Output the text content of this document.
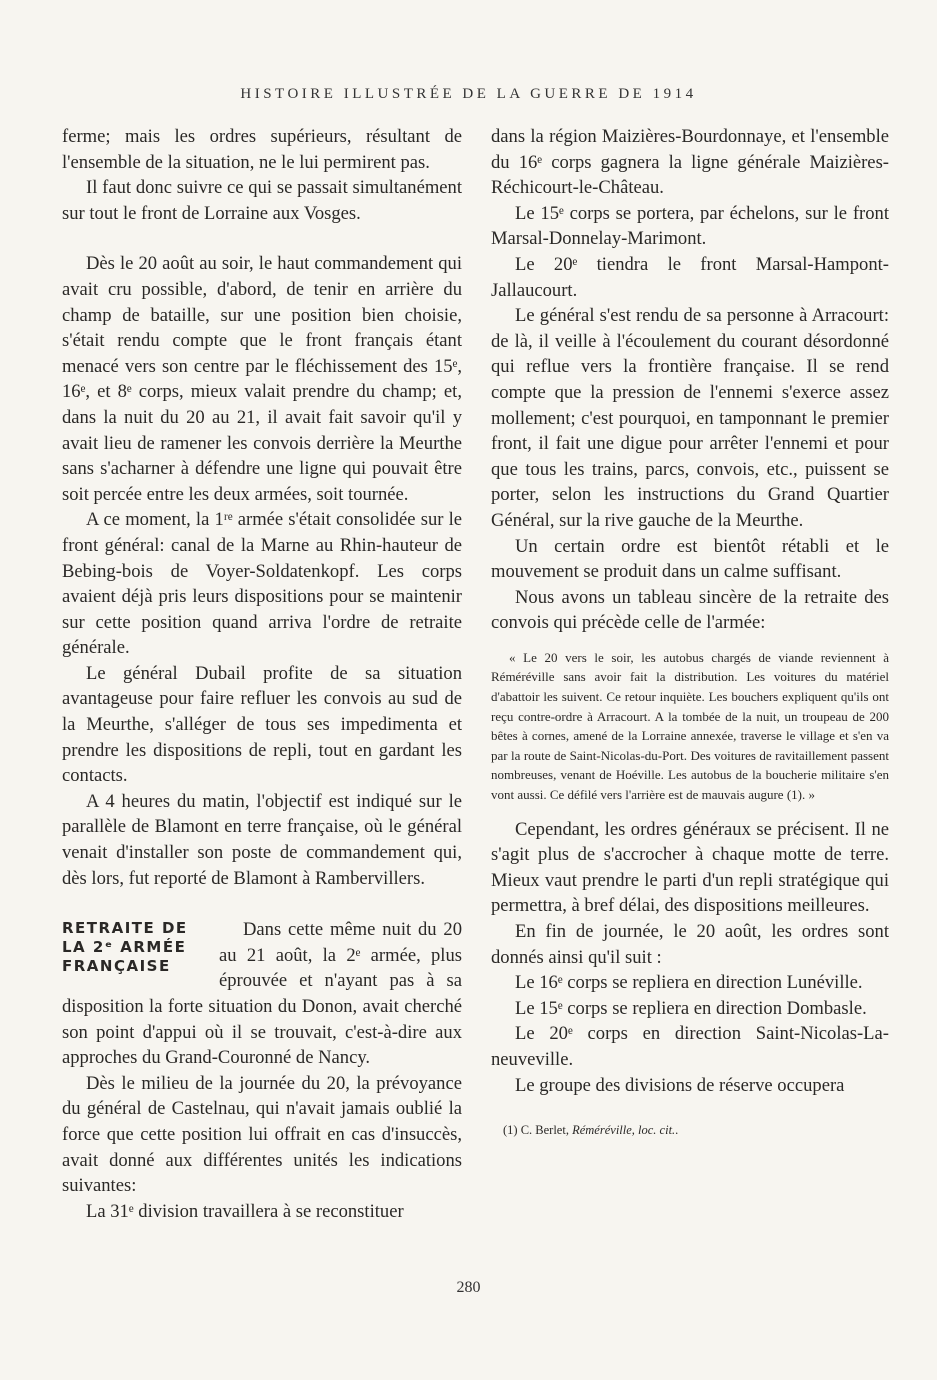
HISTOIRE ILLUSTRÉE DE LA GUERRE DE 1914

ferme; mais les ordres supérieurs, résultant de l'ensemble de la situation, ne le lui permirent pas.

Il faut donc suivre ce qui se passait simultanément sur tout le front de Lorraine aux Vosges.

Dès le 20 août au soir, le haut commandement qui avait cru possible, d'abord, de tenir en arrière du champ de bataille, sur une position bien choisie, s'était rendu compte que le front français étant menacé vers son centre par le fléchissement des 15ᵉ, 16ᵉ, et 8ᵉ corps, mieux valait prendre du champ; et, dans la nuit du 20 au 21, il avait fait savoir qu'il y avait lieu de ramener les convois derrière la Meurthe sans s'acharner à défendre une ligne qui pouvait être soit percée entre les deux armées, soit tournée.

A ce moment, la 1ʳᵉ armée s'était consolidée sur le front général: canal de la Marne au Rhin-hauteur de Bebing-bois de Voyer-Soldatenkopf. Les corps avaient déjà pris leurs dispositions pour se maintenir sur cette position quand arriva l'ordre de retraite générale.

Le général Dubail profite de sa situation avantageuse pour faire refluer les convois au sud de la Meurthe, s'alléger de tous ses impedimenta et prendre les dispositions de repli, tout en gardant les contacts.

A 4 heures du matin, l'objectif est indiqué sur le parallèle de Blamont en terre française, où le général venait d'installer son poste de commandement qui, dès lors, fut reporté de Blamont à Rambervillers.

RETRAITE DE
LA 2ᵉ ARMÉE
FRANÇAISE

Dans cette même nuit du 20 au 21 août, la 2ᵉ armée, plus éprouvée et n'ayant pas à sa disposition la forte situation du Donon, avait cherché son point d'appui où il se trouvait, c'est-à-dire aux approches du Grand-Couronné de Nancy.

Dès le milieu de la journée du 20, la prévoyance du général de Castelnau, qui n'avait jamais oublié la force que cette position lui offrait en cas d'insuccès, avait donné aux différentes unités les indications suivantes:

La 31ᵉ division travaillera à se reconstituer

dans la région Maizières-Bourdonnaye, et l'ensemble du 16ᵉ corps gagnera la ligne générale Maizières-Réchicourt-le-Château.

Le 15ᵉ corps se portera, par échelons, sur le front Marsal-Donnelay-Marimont.

Le 20ᵉ tiendra le front Marsal-Hampont-Jallaucourt.

Le général s'est rendu de sa personne à Arracourt: de là, il veille à l'écoulement du courant désordonné qui reflue vers la frontière française. Il se rend compte que la pression de l'ennemi s'exerce assez mollement; c'est pourquoi, en tamponnant le premier front, il fait une digue pour arrêter l'ennemi et pour que tous les trains, parcs, convois, etc., puissent se porter, selon les instructions du Grand Quartier Général, sur la rive gauche de la Meurthe.

Un certain ordre est bientôt rétabli et le mouvement se produit dans un calme suffisant.

Nous avons un tableau sincère de la retraite des convois qui précède celle de l'armée:

« Le 20 vers le soir, les autobus chargés de viande reviennent à Réméréville sans avoir fait la distribution. Les voitures du matériel d'abattoir les suivent. Ce retour inquiète. Les bouchers expliquent qu'ils ont reçu contre-ordre à Arracourt. A la tombée de la nuit, un troupeau de 200 bêtes à cornes, amené de la Lorraine annexée, traverse le village et s'en va par la route de Saint-Nicolas-du-Port. Des voitures de ravitaillement passent nombreuses, venant de Hoéville. Les autobus de la boucherie militaire s'en vont aussi. Ce défilé vers l'arrière est de mauvais augure (1). »

Cependant, les ordres généraux se précisent. Il ne s'agit plus de s'accrocher à chaque motte de terre. Mieux vaut prendre le parti d'un repli stratégique qui permettra, à bref délai, des dispositions meilleures.

En fin de journée, le 20 août, les ordres sont donnés ainsi qu'il suit :

Le 16ᵉ corps se repliera en direction Lunéville.

Le 15ᵉ corps se repliera en direction Dombasle.

Le 20ᵉ corps en direction Saint-Nicolas-La-neuveville.

Le groupe des divisions de réserve occupera

(1) C. Berlet, Réméréville, loc. cit..
280
